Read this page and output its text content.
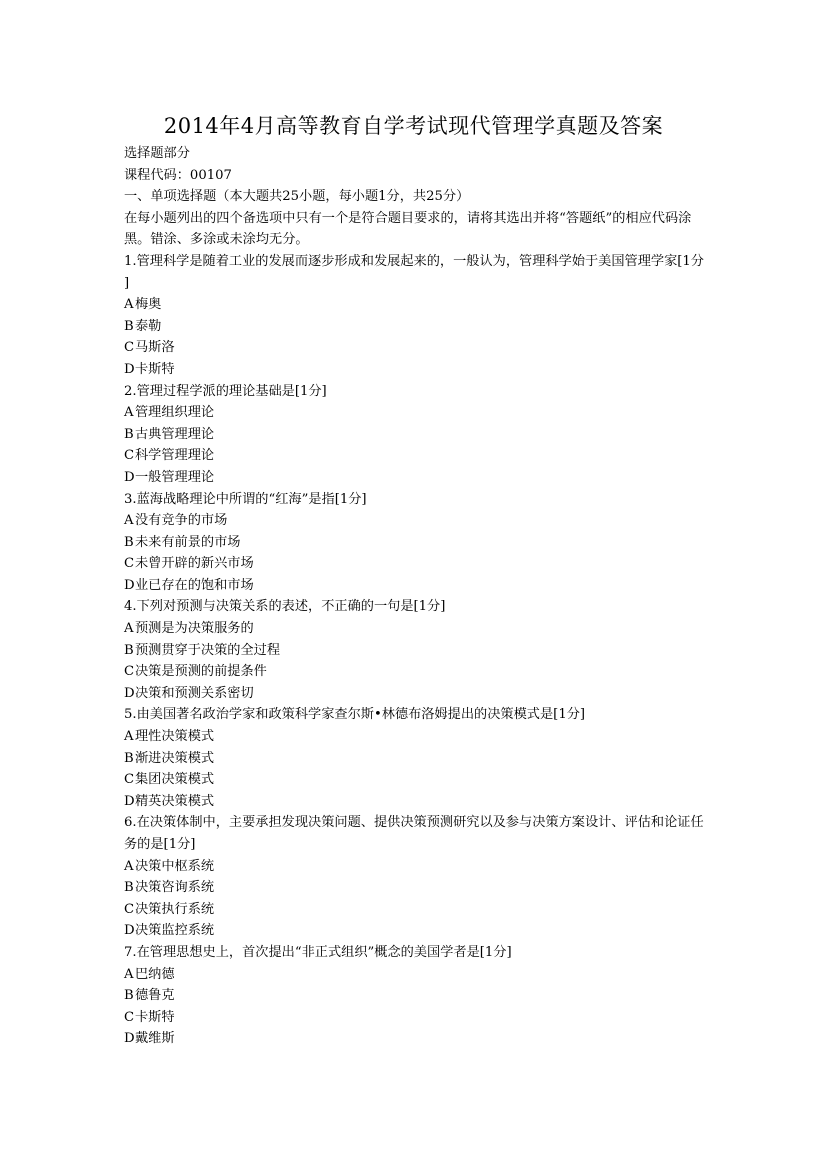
2014年4月高等教育自学考试现代管理学真题及答案
选择题部分
课程代码：00107
一、单项选择题（本大题共25小题，每小题1分，共25分）
在每小题列出的四个备选项中只有一个是符合题目要求的，请将其选出并将“答题纸”的相应代码涂黑。错涂、多涂或未涂均无分。
1.管理科学是随着工业的发展而逐步形成和发展起来的，一般认为，管理科学始于美国管理学家[1分]
A梅奥
B泰勒
C马斯洛
D卡斯特
2.管理过程学派的理论基础是[1分]
A管理组织理论
B古典管理理论
C科学管理理论
D一般管理理论
3.蓝海战略理论中所谓的“红海”是指[1分]
A没有竞争的市场
B未来有前景的市场
C未曾开辟的新兴市场
D业已存在的饱和市场
4.下列对预测与决策关系的表述，不正确的一句是[1分]
A预测是为决策服务的
B预测贯穿于决策的全过程
C决策是预测的前提条件
D决策和预测关系密切
5.由美国著名政治学家和政策科学家查尔斯•林德布洛姆提出的决策模式是[1分]
A理性决策模式
B渐进决策模式
C集团决策模式
D精英决策模式
6.在决策体制中，主要承担发现决策问题、提供决策预测研究以及参与决策方案设计、评估和论证任务的是[1分]
A决策中枢系统
B决策咨询系统
C决策执行系统
D决策监控系统
7.在管理思想史上，首次提出“非正式组织”概念的美国学者是[1分]
A巴纳德
B德鲁克
C卡斯特
D戴维斯
